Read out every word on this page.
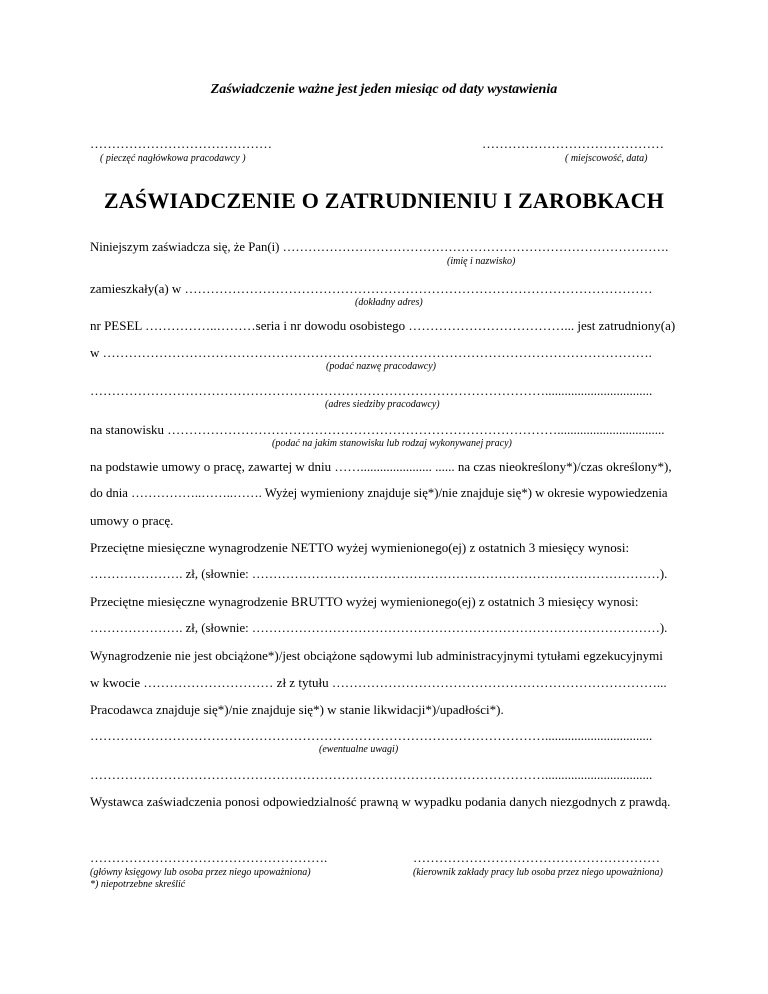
Zaświadczenie ważne jest jeden miesiąc od daty wystawienia
……………………………………
( pieczęć nagłówkowa pracodawcy )
……………………………………
( miejscowość, data)
ZAŚWIADCZENIE O ZATRUDNIENIU I ZAROBKACH
Niniejszym zaświadcza się, że Pan(i) ……………………………………………………………………………….
(imię i nazwisko)
zamieszkały(a) w ………………………………………………………………………………………………
(dokładny adres)
nr PESEL ……………..………seria i nr dowodu osobistego ………………………………... jest zatrudniony(a)
w ……………………………………………………………………………………………………………….
(podać nazwę pracodawcy)
…………………………………………………………………………………………….................................
(adres siedziby pracodawcy)
na stanowisku ……………………………………………………………………………….................................
(podać na jakim stanowisku lub rodzaj wykonywanej pracy)
na podstawie umowy o pracę, zawartej w dniu ……...................... ...... na czas nieokreślony*)/czas określony*),
do dnia ……………..……..……. Wyżej wymieniony znajduje się*)/nie znajduje się*) w okresie wypowiedzenia
umowy o pracę.
Przeciętne miesięczne wynagrodzenie NETTO wyżej wymienionego(ej) z ostatnich 3 miesięcy wynosi:
…………………. zł, (słownie: ……………………………………………………………………………………).
Przeciętne miesięczne wynagrodzenie BRUTTO wyżej wymienionego(ej) z ostatnich 3 miesięcy wynosi:
…………………. zł, (słownie: ……………………………………………………………………………………).
Wynagrodzenie nie jest obciążone*)/jest obciążone sądowymi lub administracyjnymi tytułami egzekucyjnymi
w kwocie ………………………… zł z tytułu …………………………………………………………………...
Pracodawca znajduje się*)/nie znajduje się*) w stanie likwidacji*)/upadłości*).
…………………………………………………………………………………………….................................
(ewentualne uwagi)
…………………………………………………………………………………………….................................
Wystawca zaświadczenia ponosi odpowiedzialność prawną w wypadku podania danych niezgodnych z prawdą.
……………………………………………….
(główny księgowy lub osoba przez niego upoważniona)
*) niepotrzebne skreślić
…………………………………………………
(kierownik zakłady pracy lub osoba przez niego upoważniona)
